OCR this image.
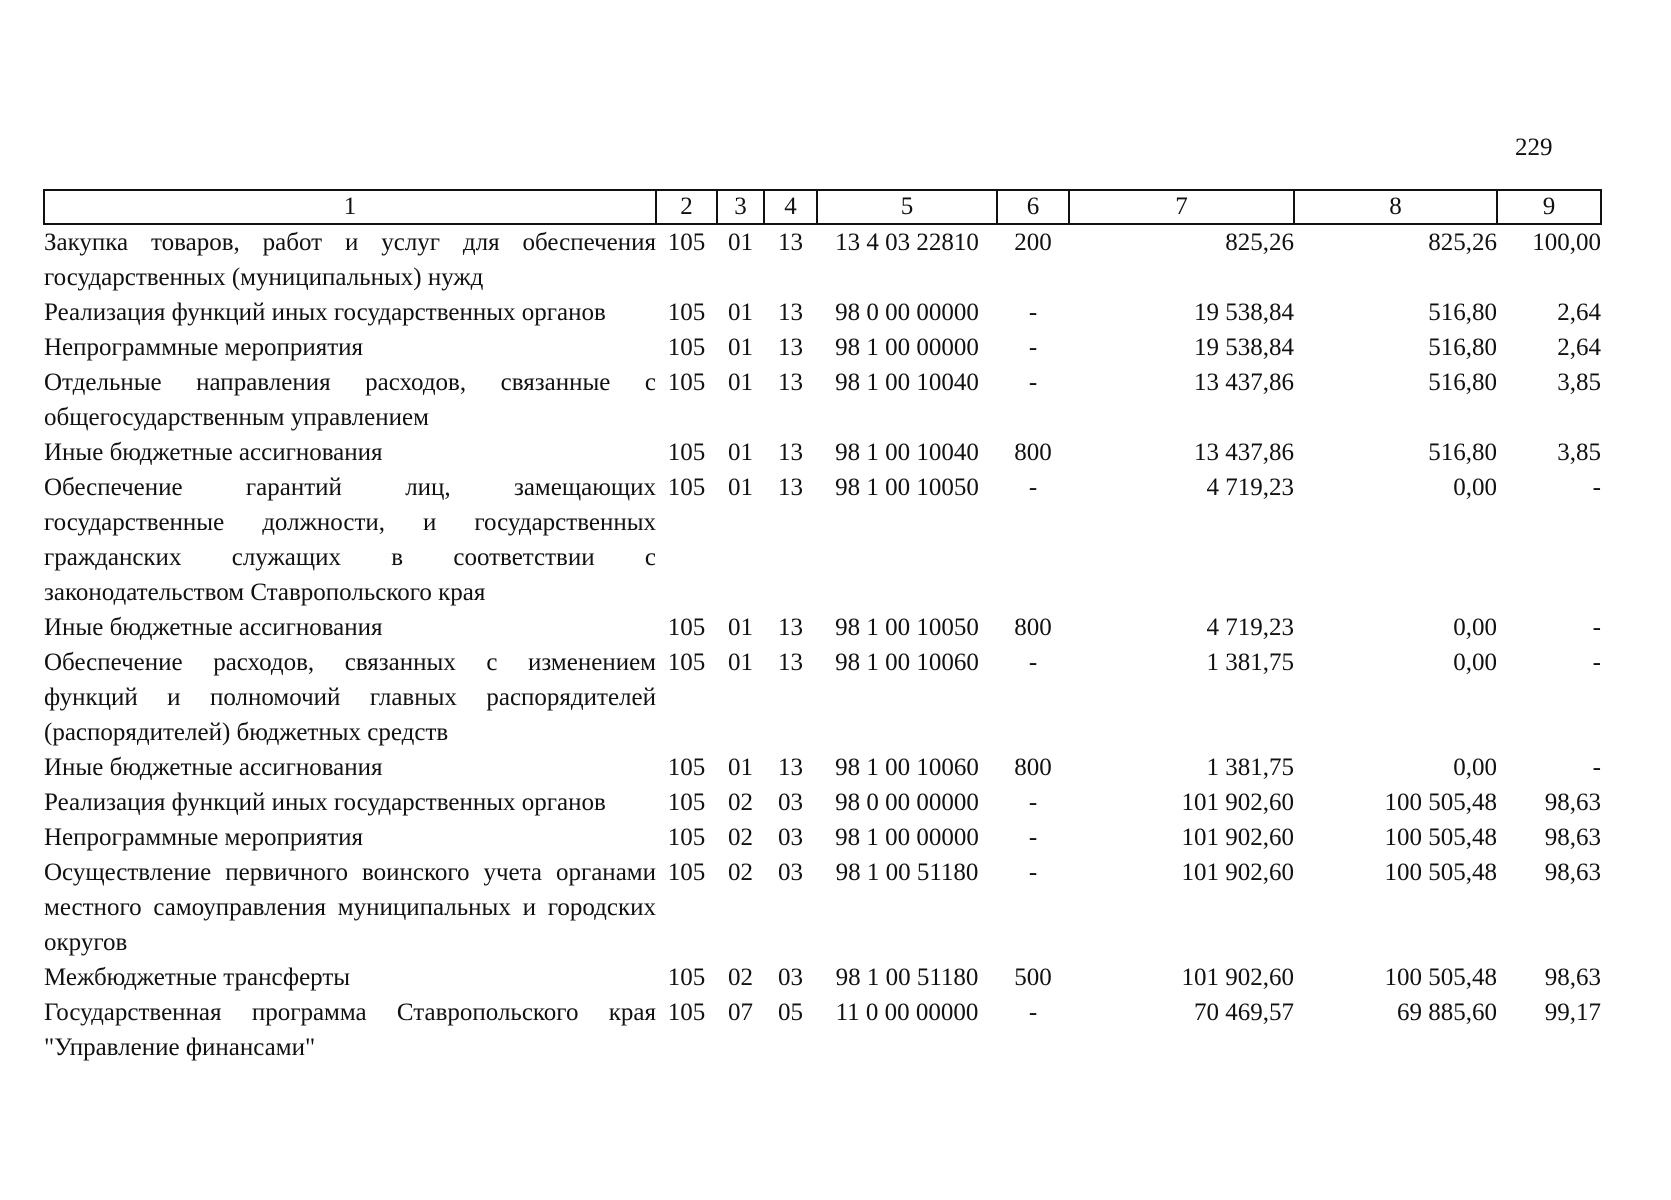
229
1	2	3	4	5	6	7	8	9
Закупка товаров, работ и услуг для обеспечения государственных (муниципальных) нужд	105	01	13	13 4 03 22810	200	825,26	825,26	100,00
Реализация функций иных государственных органов	105	01	13	98 0 00 00000	-	19 538,84	516,80	2,64
Непрограммные мероприятия	105	01	13	98 1 00 00000	-	19 538,84	516,80	2,64
Отдельные направления расходов, связанные с общегосударственным управлением	105	01	13	98 1 00 10040	-	13 437,86	516,80	3,85
Иные бюджетные ассигнования	105	01	13	98 1 00 10040	800	13 437,86	516,80	3,85
Обеспечение гарантий лиц, замещающих государственные должности, и государственных гражданских служащих в соответствии с законодательством Ставропольского края	105	01	13	98 1 00 10050	-	4 719,23	0,00	-
Иные бюджетные ассигнования	105	01	13	98 1 00 10050	800	4 719,23	0,00	-
Обеспечение расходов, связанных с изменением функций и полномочий главных распорядителей (распорядителей) бюджетных средств	105	01	13	98 1 00 10060	-	1 381,75	0,00	-
Иные бюджетные ассигнования	105	01	13	98 1 00 10060	800	1 381,75	0,00	-
Реализация функций иных государственных органов	105	02	03	98 0 00 00000	-	101 902,60	100 505,48	98,63
Непрограммные мероприятия	105	02	03	98 1 00 00000	-	101 902,60	100 505,48	98,63
Осуществление первичного воинского учета органами местного самоуправления муниципальных и городских округов	105	02	03	98 1 00 51180	-	101 902,60	100 505,48	98,63
Межбюджетные трансферты	105	02	03	98 1 00 51180	500	101 902,60	100 505,48	98,63
Государственная программа Ставропольского края "Управление финансами"	105	07	05	11 0 00 00000	-	70 469,57	69 885,60	99,17
